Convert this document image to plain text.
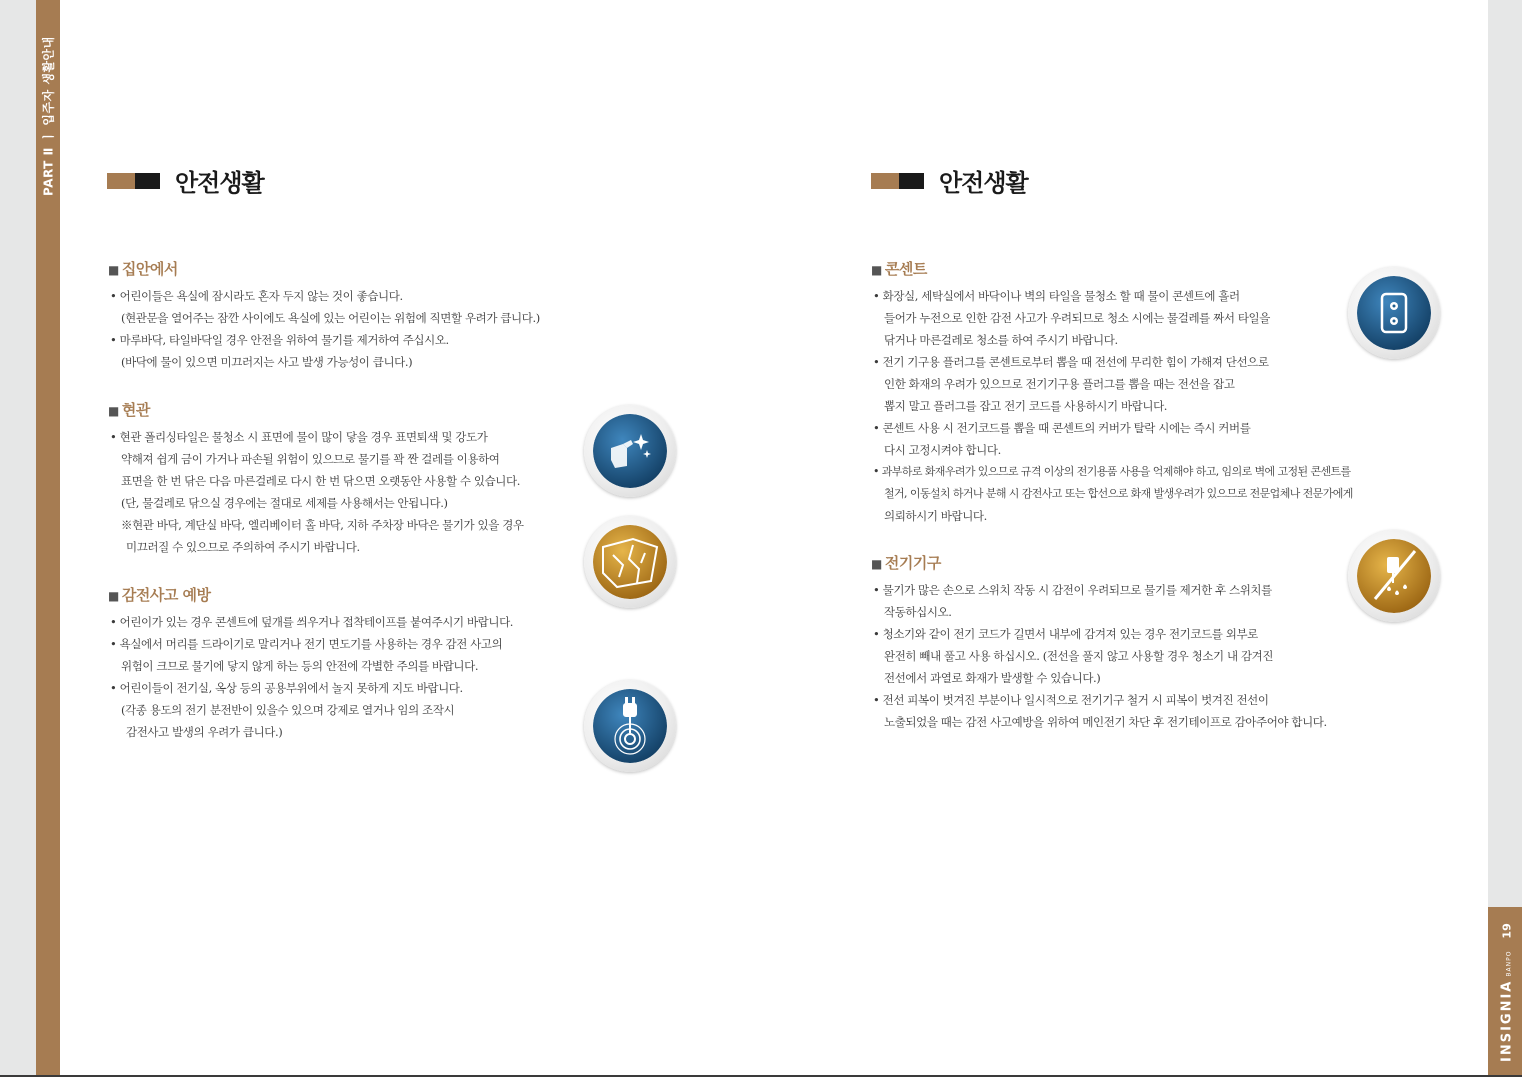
PART Ⅱ ㅣ 입주자 생활안내
INSIGNIABANPO19
안전생활
■ 집안에서
• 어린이들은 욕실에 잠시라도 혼자 두지 않는 것이 좋습니다.
(현관문을 열어주는 잠깐 사이에도 욕실에 있는 어린이는 위험에 직면할 우려가 큽니다.)
• 마루바닥, 타일바닥일 경우 안전을 위하여 물기를 제거하여 주십시오.
(바닥에 물이 있으면 미끄러지는 사고 발생 가능성이 큽니다.)
■ 현관
• 현관 폴리싱타일은 물청소 시 표면에 물이 많이 닿을 경우 표면퇴색 및 강도가
약해져 쉽게 금이 가거나 파손될 위험이 있으므로 물기를 꽉 짠 걸레를 이용하여
표면을 한 번 닦은 다음 마른걸레로 다시 한 번 닦으면 오랫동안 사용할 수 있습니다.
(단, 물걸레로 닦으실 경우에는 절대로 세제를 사용해서는 안됩니다.)
※현관 바닥, 계단실 바닥, 엘리베이터 홀 바닥, 지하 주차장 바닥은 물기가 있을 경우
미끄러질 수 있으므로 주의하여 주시기 바랍니다.
■ 감전사고 예방
• 어린이가 있는 경우 콘센트에 덮개를 씌우거나 접착테이프를 붙여주시기 바랍니다.
• 욕실에서 머리를 드라이기로 말리거나 전기 면도기를 사용하는 경우 감전 사고의
위험이 크므로 물기에 닿지 않게 하는 등의 안전에 각별한 주의를 바랍니다.
• 어린이들이 전기실, 옥상 등의 공용부위에서 놀지 못하게 지도 바랍니다.
(각종 용도의 전기 분전반이 있을수 있으며 강제로 열거나 임의 조작시
감전사고 발생의 우려가 큽니다.)
안전생활
■ 콘센트
• 화장실, 세탁실에서 바닥이나 벽의 타일을 물청소 할 때 물이 콘센트에 흘러
들어가 누전으로 인한 감전 사고가 우려되므로 청소 시에는 물걸레를 짜서 타일을
닦거나 마른걸레로 청소를 하여 주시기 바랍니다.
• 전기 기구용 플러그를 콘센트로부터 뽑을 때 전선에 무리한 힘이 가해져 단선으로
인한 화재의 우려가 있으므로 전기기구용 플러그를 뽑을 때는 전선을 잡고
뽑지 말고 플러그를 잡고 전기 코드를 사용하시기 바랍니다.
• 콘센트 사용 시 전기코드를 뽑을 때 콘센트의 커버가 탈락 시에는 즉시 커버를
다시 고정시켜야 합니다.
• 과부하로 화재우려가 있으므로 규격 이상의 전기용품 사용을 억제해야 하고, 임의로 벽에 고정된 콘센트를
철거, 이동설치 하거나 분해 시 감전사고 또는 합선으로 화재 발생우려가 있으므로 전문업체나 전문가에게
의뢰하시기 바랍니다.
■ 전기기구
• 물기가 많은 손으로 스위치 작동 시 감전이 우려되므로 물기를 제거한 후 스위치를
작동하십시오.
• 청소기와 같이 전기 코드가 길면서 내부에 감겨져 있는 경우 전기코드를 외부로
완전히 빼내 풀고 사용 하십시오. (전선을 풀지 않고 사용할 경우 청소기 내 감겨진
전선에서 과열로 화재가 발생할 수 있습니다.)
• 전선 피복이 벗겨진 부분이나 일시적으로 전기기구 철거 시 피복이 벗겨진 전선이
노출되었을 때는 감전 사고예방을 위하여 메인전기 차단 후 전기테이프로 감아주어야 합니다.
